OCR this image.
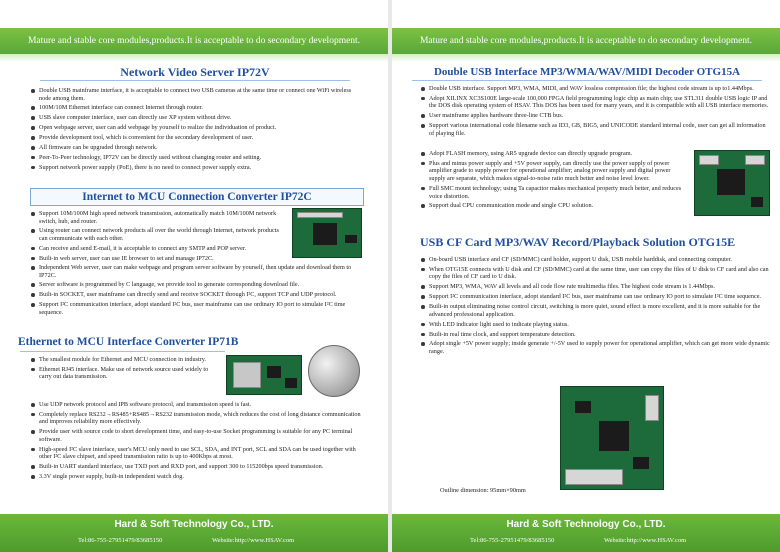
Mature and stable core modules,products.It is acceptable to do secondary development.
Network Video Server IP72V
Double USB mainframe interface, it is acceptable to connect two USB cameras at the same time or connect one WiFi wireless node among them.
100M/10M Ethernet interface can connect Internet through router.
USB slave computer interface, user can directly use XP system without drive.
Open webpage server, user can add webpage by yourself to realize the individuation of product.
Provide development tool, which is convenient for the secondary development of user.
All firmware can be upgraded through network.
Peer-To-Peer technology, IP72V can be directly used without changing router and setting.
Support network power supply (PoE), there is no need to connect power supply extra.
Internet to MCU Connection Converter IP72C
Support 10M/100M high speed network transmission, automatically match 10M/100M network switch, hub, and router.
Using router can connect network products all over the world through Internet, network products can communicate with each other.
Can receive and send E-mail, it is acceptable to connect any SMTP and POP server.
Built-in web server, user can use IE browser to set and manage IP72C.
Independent Web server, user can make webpage and program server software by yourself, then update and download them to IP72C.
Server software is programmed by C language, we provide tool to generate corresponding download file.
Built-in SOCKET, user mainframe can directly send and receive SOCKET through I²C, support TCP and UDP protocol.
Support I²C communication interface, adopt standard I²C bus, user mainframe can use ordinary IO port to simulate I²C time sequence.
Ethernet to MCU Interface Converter IP71B
The smallest module for Ethernet and MCU connection in industry.
Ethernet RJ45 interface. Make use of network source used widely to carry out data transmission.
Use UDP network protocol and IPB software protocol, and transmission speed is fast.
Completely replace RS232→RS485+RS485→RS232 transmission mode, which reduces the cost of long distance communication and improves reliability more effectively.
Provide user with source code to short development time, and easy-to-use Socket programming is suitable for any PC terminal software.
High-speed I²C slave interface, user's MCU only need to use SCL, SDA, and INT port, SCL and SDA can be used together with other I²C slave chipset, and speed transmission ratio is up to 400Kbps at most.
Built-in UART standard interface, use TXD port and RXD port, and support 300 to 115200bps speed transmission.
3.3V single power supply, built-in independent watch dog.
Hard & Soft Technology Co., LTD.
Tel:86-755-27951479/83685150	Website:http://www.HSAV.com
Mature and stable core modules,products.It is acceptable to do secondary development.
Double USB Interface MP3/WMA/WAV/MIDI Decoder OTG15A
Double USB interface. Support MP3, WMA, MIDI, and WAV lossless compression file; the highest code stream is up to1.44Mbps.
Adopt XILINX XC3S100E large-scale 100,000 FPGA field programming logic chip as main chip; use STL311 double USB logic IP and the DOS disk operating system of HSAV. This DOS has been used for many years, and it is compatible with all USB interface memories.
User mainframe applies hardware three-line CTB bus.
Support various international code filename such as ID3, GB, BIG5, and UNICODE standard internal code, user can get all information of playing file.
Adopt FLASH memory, using AR5 upgrade device can directly upgrade program.
Plus and minus power supply and +5V power supply, can directly use the power supply of power amplifier grade to supply power for operational amplifier; analog power supply and digital power supply are separate, which makes signal-to-noise ratio much better and noise level lower.
Full SMC mount technology; using Ta capacitor makes mechanical property much better, and reduces voice distortion.
Support dual CPU communication mode and single CPU solution.
USB CF Card MP3/WAV Record/Playback Solution OTG15E
On-board USB interface and CF (SD/MMC) card holder, support U disk, USB mobile harddisk, and connecting computer.
When OTG15E connects with U disk and CF (SD/MMC) card at the same time, user can copy the files of U disk to CF card and also can copy the files of CF card to U disk.
Support MP3, WMA, WAV all levels and all code flow rate multimedia files. The highest code stream is 1.44Mbps.
Support I²C communication interface, adopt standard I²C bus, user mainframe can use ordinary IO port to simulate I²C time sequence.
Built-in output eliminating noise control circuit, switching is more quiet, sound effect is more excellent, and it is more suitable for the advanced professional application.
With LED indicator light used to indicate playing status.
Built-in real time clock, and support temperature detection.
Adopt single +5V power supply; inside generate +/-5V used to supply power for operational amplifier, which can get more wide dynamic range.
Outline dimension: 95mm×90mm
Hard & Soft Technology Co., LTD.
Tel:86-755-27951479/83685150	Website:http://www.HSAV.com
